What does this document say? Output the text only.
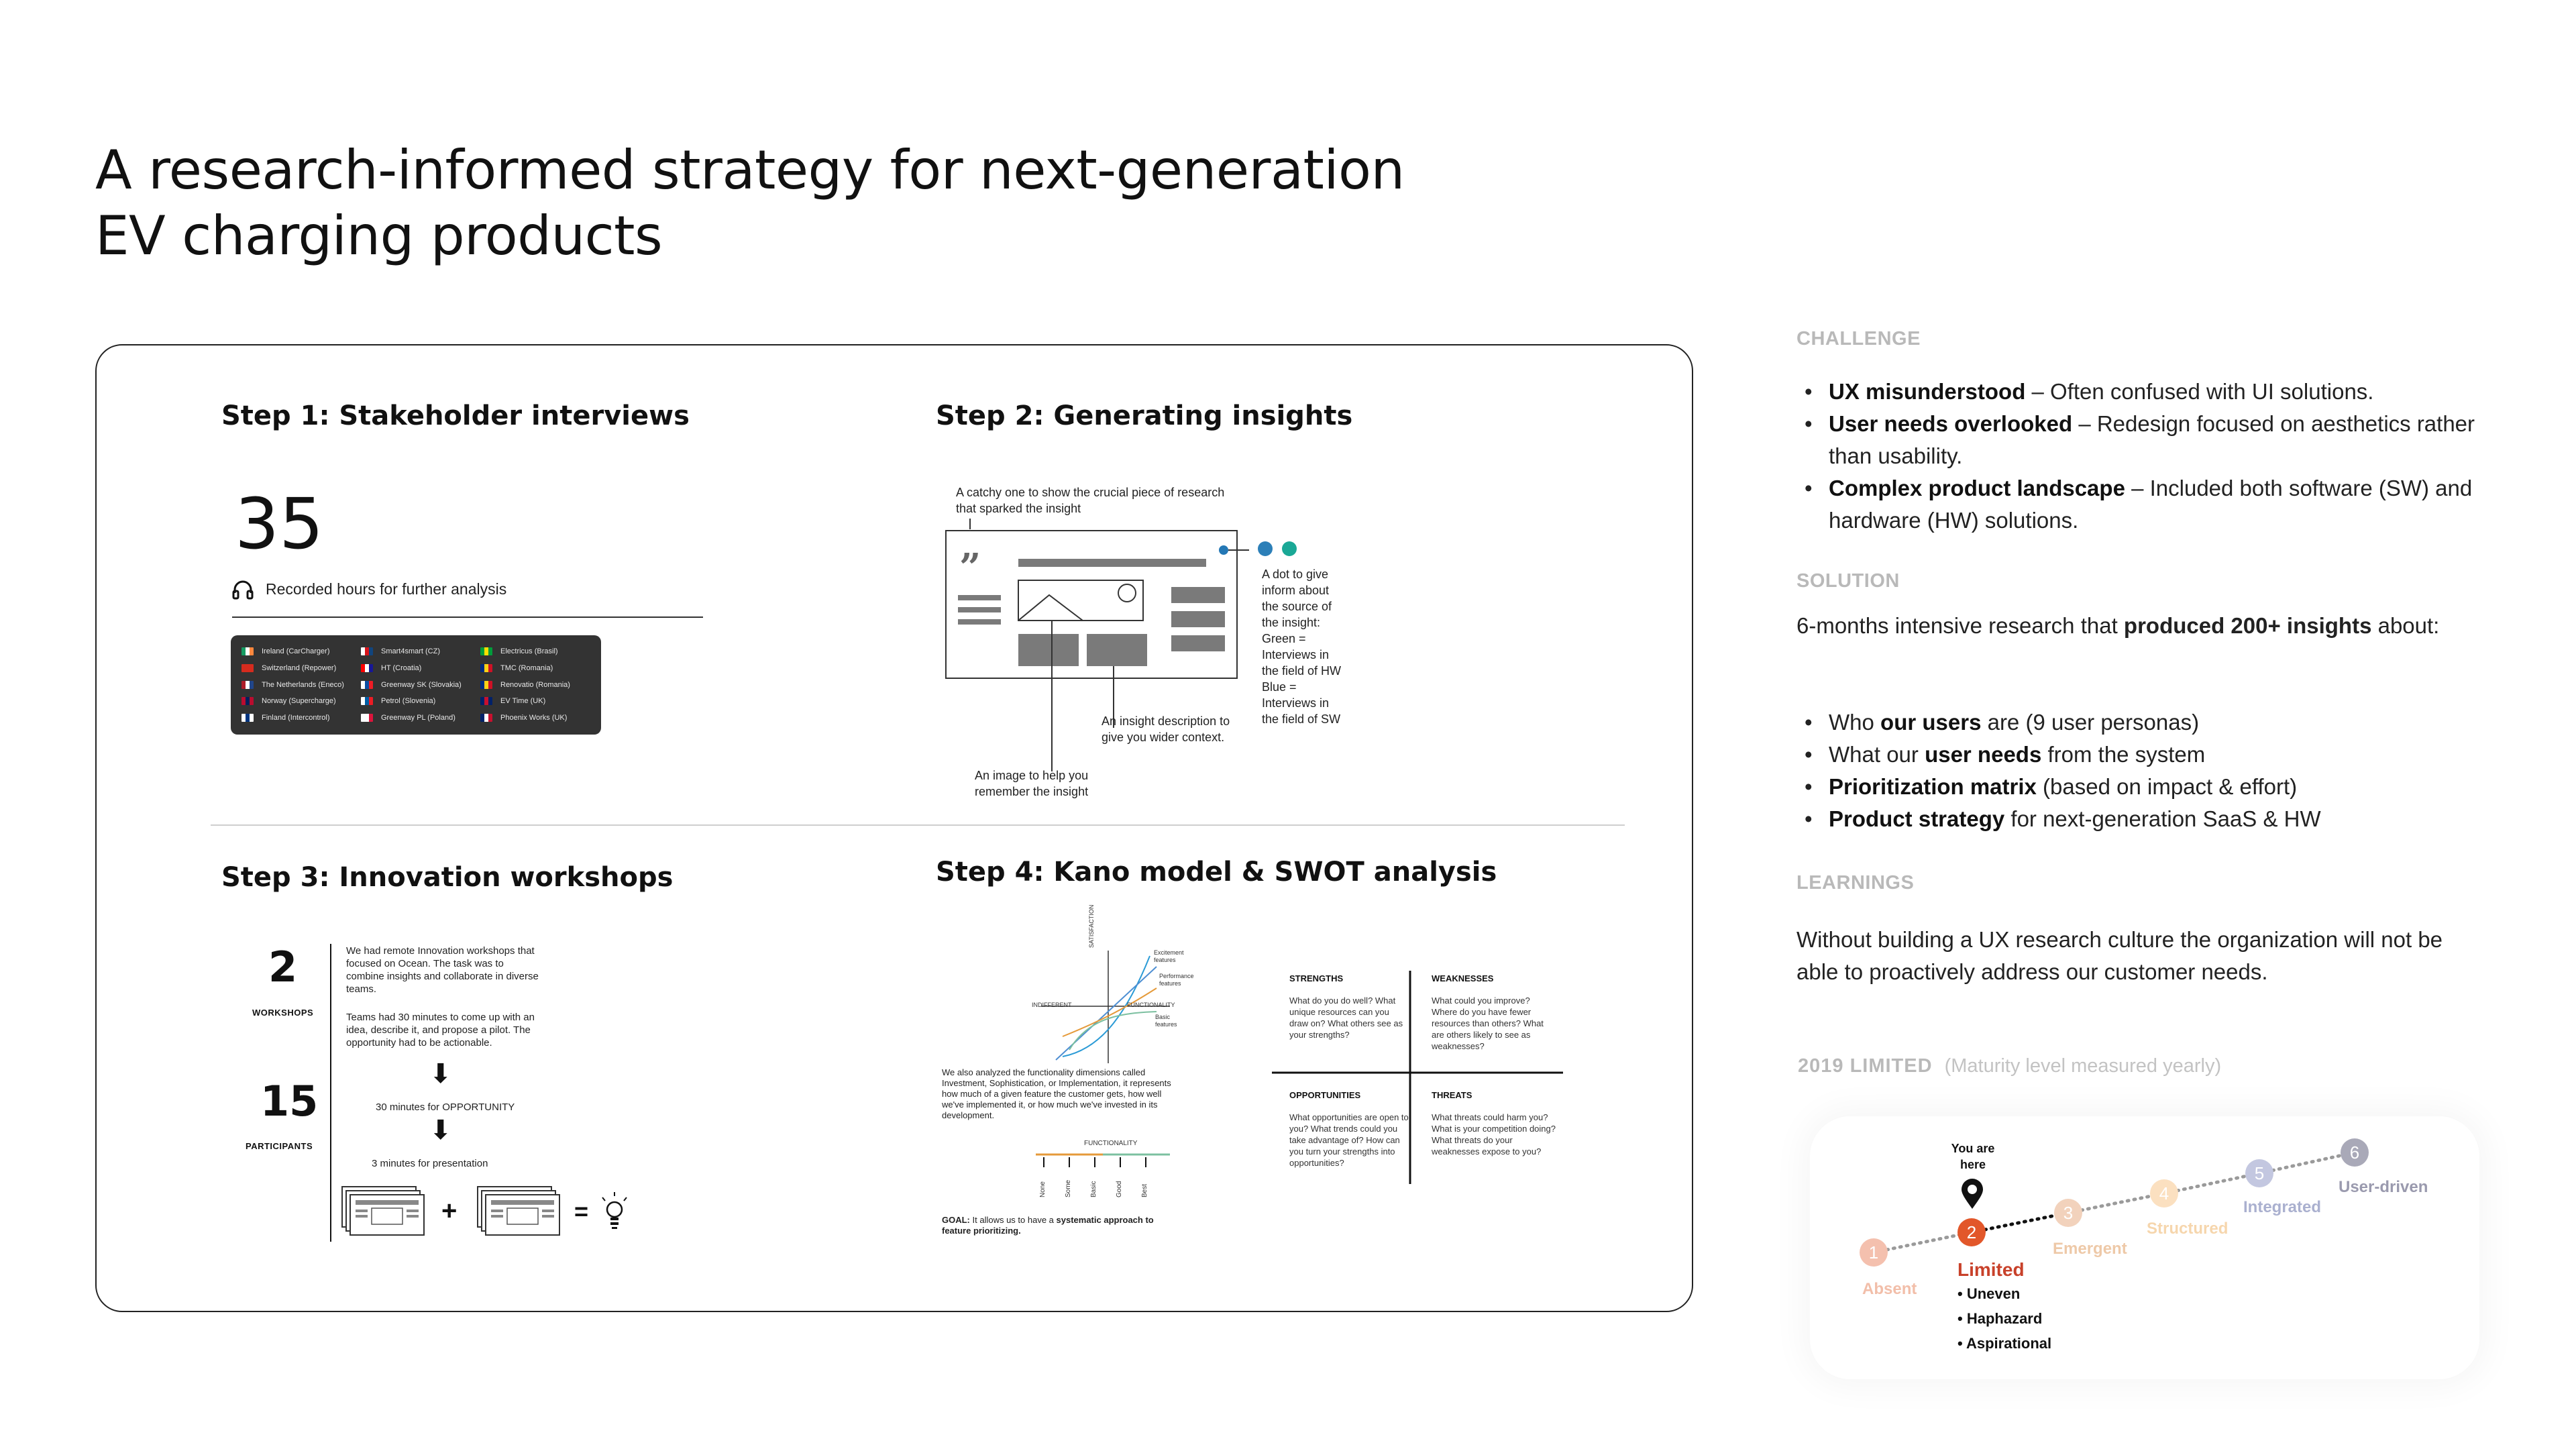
A research-informed strategy for next-generation
EV charging products
Step 1: Stakeholder interviews
35
Recorded hours for further analysis
Ireland (CarCharger)	Smart4smart (CZ)	Electricus (Brasil)
Switzerland (Repower)	HT (Croatia)	TMC (Romania)
The Netherlands (Eneco)	Greenway SK (Slovakia)	Renovatio (Romania)
Norway (Supercharge)	Petrol (Slovenia)	EV Time (UK)
Finland (Intercontrol)	Greenway PL (Poland)	Phoenix Works (UK)
Step 2: Generating insights
A catchy one to show the crucial piece of research that sparked the insight
”	A dot to give inform about the source of the insight: Green = Interviews in the field of HW Blue = Interviews in the field of SW
An insight description to give you wider context.
An image to help you remember the insight
Step 3: Innovation workshops
2
WORKSHOPS
15
PARTICIPANTS
We had remote Innovation workshops that focused on Ocean. The task was to combine insights and collaborate in diverse teams.
Teams had 30 minutes to come up with an idea, describe it, and propose a pilot. The opportunity had to be actionable.
⬇
30 minutes for OPPORTUNITY
⬇
3 minutes for presentation
+	=
Step 4: Kano model & SWOT analysis
SATISFACTION
Excitement features
Performance features
INDIFFERENT	FUNCTIONALITY
Basic features
We also analyzed the functionality dimensions called Investment, Sophistication, or Implementation, it represents how much of a given feature the customer gets, how well we've implemented it, or how much we've invested in its development.
FUNCTIONALITY
None	Some	Basic	Good	Best
GOAL: It allows us to have a systematic approach to feature prioritizing.
STRENGTHS
What do you do well? What unique resources can you draw on? What others see as your strengths?
WEAKNESSES
What could you improve? Where do you have fewer resources than others? What are others likely to see as weaknesses?
OPPORTUNITIES
What opportunities are open to you? What trends could you take advantage of? How can you turn your strengths into opportunities?
THREATS
What threats could harm you? What is your competition doing? What threats do your weaknesses expose to you?
CHALLENGE
• UX misunderstood – Often confused with UI solutions.
• User needs overlooked – Redesign focused on aesthetics rather than usability.
• Complex product landscape – Included both software (SW) and hardware (HW) solutions.
SOLUTION
6-months intensive research that produced 200+ insights about:
• Who our users are (9 user personas)
• What our user needs from the system
• Prioritization matrix (based on impact & effort)
• Product strategy for next-generation SaaS & HW
LEARNINGS
Without building a UX research culture the organization will not be able to proactively address our customer needs.
2019 LIMITED (Maturity level measured yearly)
1
2
3
4
5
6
You are here
Absent
Limited
Emergent
Structured
Integrated
User-driven
• Uneven
• Haphazard
• Aspirational
